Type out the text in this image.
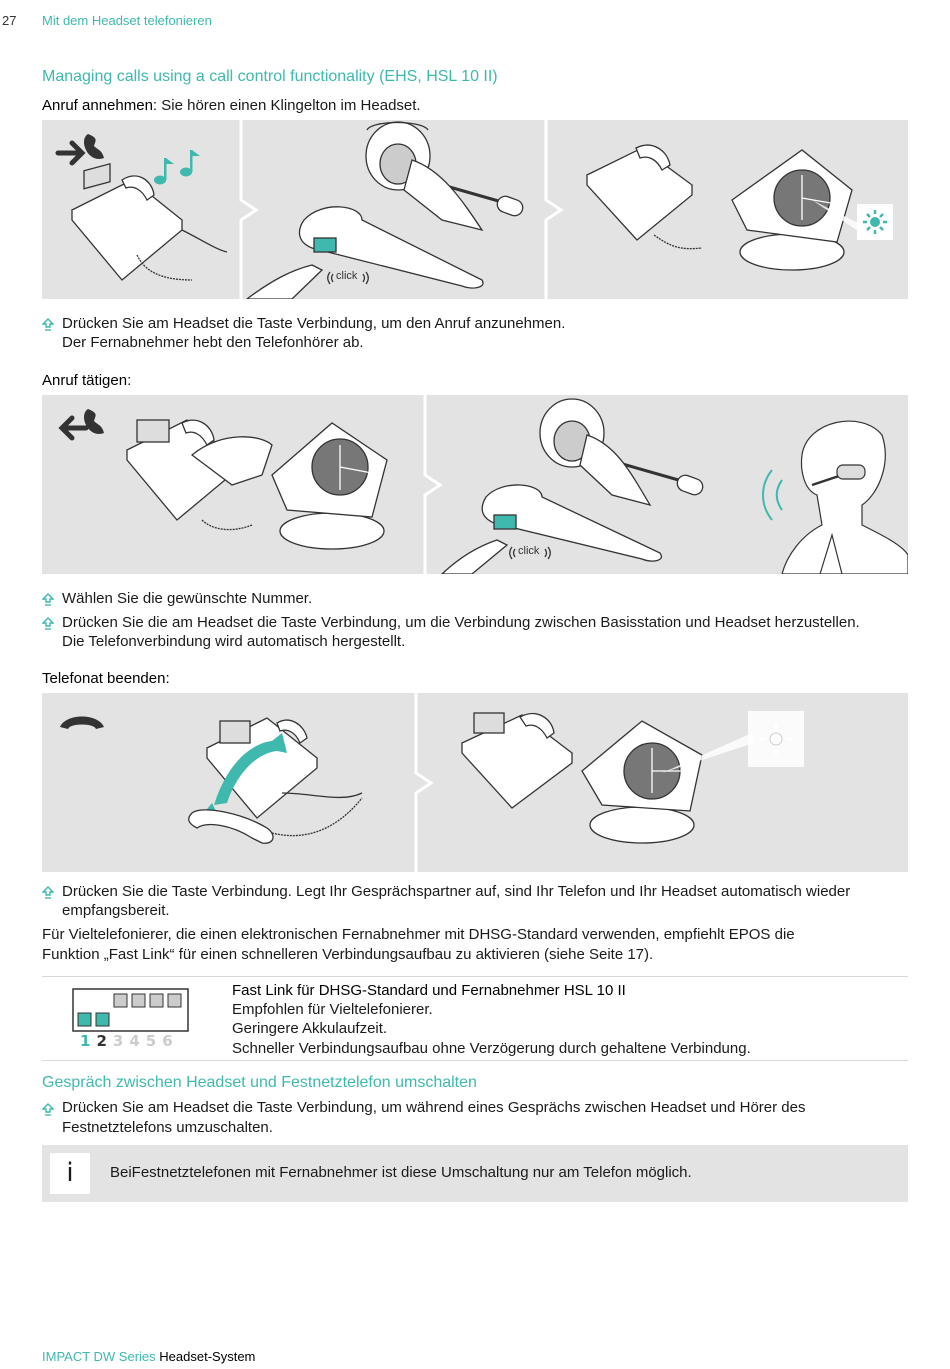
27 Mit dem Headset telefonieren
Managing calls using a call control functionality (EHS, HSL 10 II)
Anruf annehmen: Sie hören einen Klingelton im Headset.
click
Drücken Sie am Headset die Taste Verbindung, um den Anruf anzunehmen.
Der Fernabnehmer hebt den Telefonhörer ab.
Anruf tätigen:
click
Wählen Sie die gewünschte Nummer.
Drücken Sie die am Headset die Taste Verbindung, um die Verbindung zwischen Basisstation und Headset herzustellen.
Die Telefonverbindung wird automatisch hergestellt.
Telefonat beenden:
Drücken Sie die Taste Verbindung. Legt Ihr Gesprächspartner auf, sind Ihr Telefon und Ihr Headset automatisch wieder
empfangsbereit.
Für Vieltelefonierer, die einen elektronischen Fernabnehmer mit DHSG-Standard verwenden, empfiehlt EPOS die
Funktion „Fast Link“ für einen schnelleren Verbindungsaufbau zu aktivieren (siehe Seite 17).
1 2 3 4 5 6
Fast Link für DHSG-Standard und Fernabnehmer HSL 10 II
Empfohlen für Vieltelefonierer.
Geringere Akkulaufzeit.
Schneller Verbindungsaufbau ohne Verzögerung durch gehaltene Verbindung.
Gespräch zwischen Headset und Festnetztelefon umschalten
Drücken Sie am Headset die Taste Verbindung, um während eines Gesprächs zwischen Headset und Hörer des
Festnetztelefons umzuschalten.
i	BeiFestnetztelefonen mit Fernabnehmer ist diese Umschaltung nur am Telefon möglich.
IMPACT DW Series Headset-System
